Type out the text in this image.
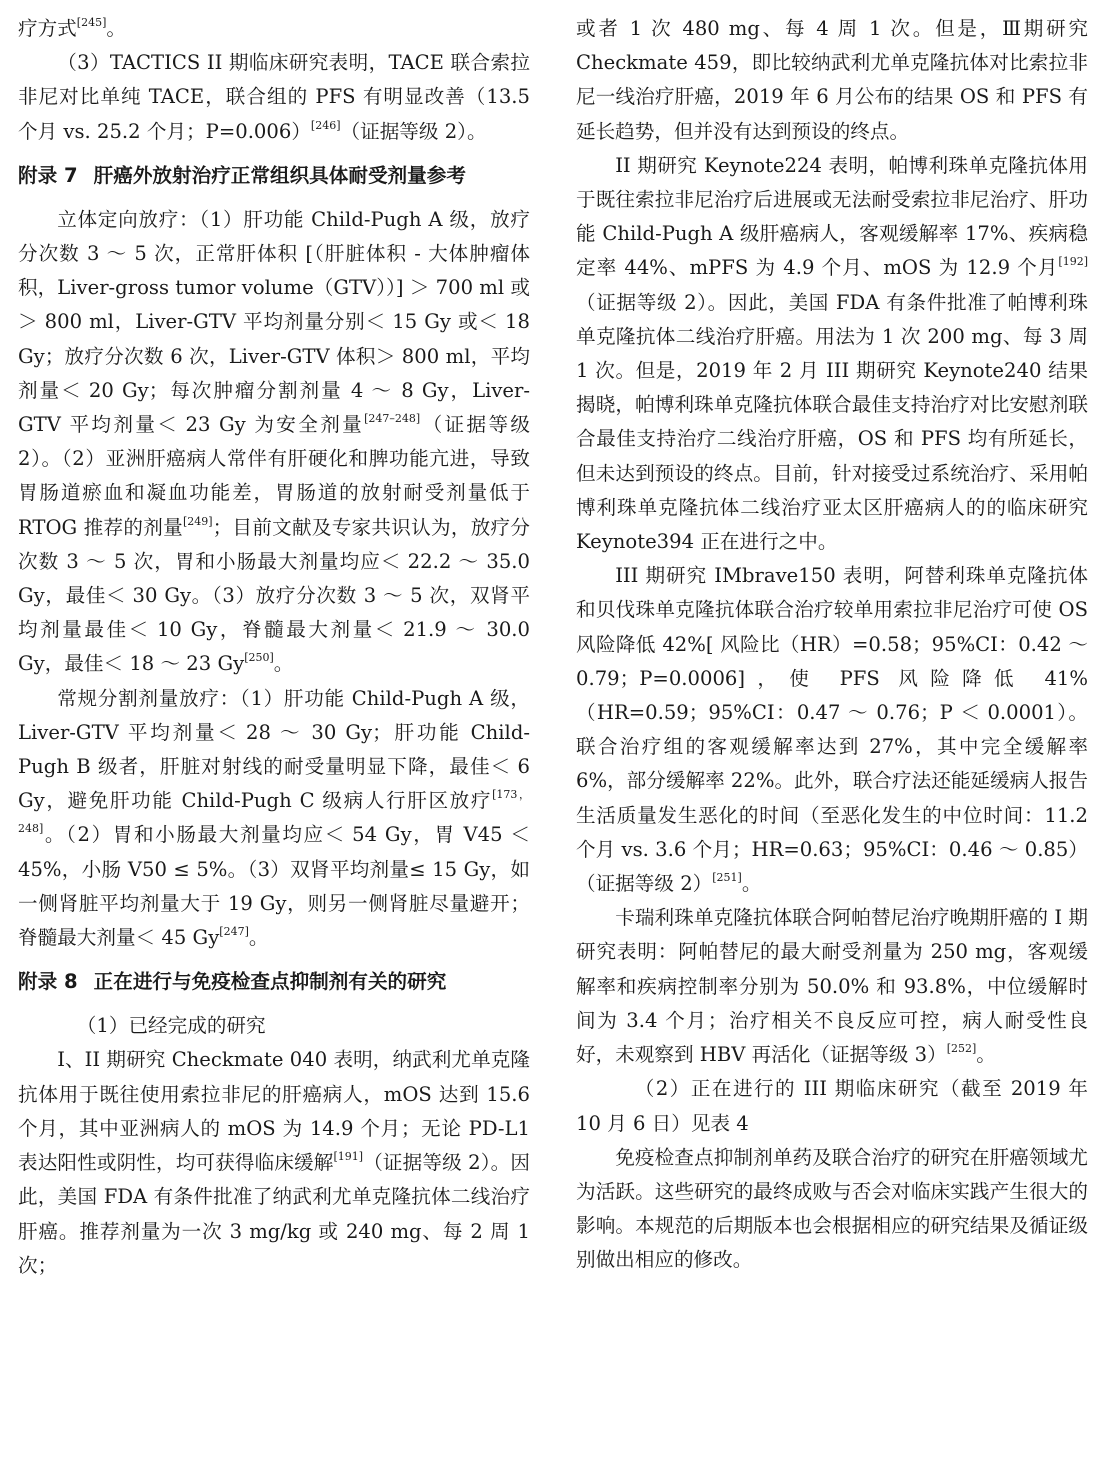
疗方式[245]。

（3）TACTICS II 期临床研究表明，TACE 联合索拉非尼对比单纯 TACE，联合组的 PFS 有明显改善（13.5 个月 vs. 25.2 个月；P=0.006）[246]（证据等级 2）。

附录 7 肝癌外放射治疗正常组织具体耐受剂量参考

立体定向放疗：（1）肝功能 Child-Pugh A 级，放疗分次数 3 ～ 5 次，正常肝体积 [（肝脏体积 - 大体肿瘤体积，Liver-gross tumor volume（GTV））] ＞ 700 ml 或＞ 800 ml，Liver-GTV 平均剂量分别＜ 15 Gy 或＜ 18 Gy；放疗分次数 6 次，Liver-GTV 体积＞ 800 ml，平均剂量＜ 20 Gy；每次肿瘤分割剂量 4 ～ 8 Gy，Liver-GTV 平均剂量＜ 23 Gy 为安全剂量[247–248]（证据等级 2）。（2）亚洲肝癌病人常伴有肝硬化和脾功能亢进，导致胃肠道瘀血和凝血功能差，胃肠道的放射耐受剂量低于 RTOG 推荐的剂量[249]；目前文献及专家共识认为，放疗分次数 3 ～ 5 次，胃和小肠最大剂量均应＜ 22.2 ～ 35.0 Gy，最佳＜ 30 Gy。（3）放疗分次数 3 ～ 5 次，双肾平均剂量最佳＜ 10 Gy，脊髓最大剂量＜ 21.9 ～ 30.0 Gy，最佳＜ 18 ～ 23 Gy[250]。

常规分割剂量放疗：（1）肝功能 Child-Pugh A 级，Liver-GTV 平均剂量＜ 28 ～ 30 Gy；肝功能 Child-Pugh B 级者，肝脏对射线的耐受量明显下降，最佳＜ 6 Gy，避免肝功能 Child-Pugh C 级病人行肝区放疗[173，248]。（2）胃和小肠最大剂量均应＜ 54 Gy，胃 V45 ＜ 45%，小肠 V50 ≤ 5%。（3）双肾平均剂量≤ 15 Gy，如一侧肾脏平均剂量大于 19 Gy，则另一侧肾脏尽量避开；脊髓最大剂量＜ 45 Gy[247]。

附录 8 正在进行与免疫检查点抑制剂有关的研究

（1）已经完成的研究

I、II 期研究 Checkmate 040 表明，纳武利尤单克隆抗体用于既往使用索拉非尼的肝癌病人，mOS 达到 15.6 个月，其中亚洲病人的 mOS 为 14.9 个月；无论 PD-L1 表达阳性或阴性，均可获得临床缓解[191]（证据等级 2）。因此，美国 FDA 有条件批准了纳武利尤单克隆抗体二线治疗肝癌。推荐剂量为一次 3 mg/kg 或 240 mg、每 2 周 1 次；

或者 1 次 480 mg、每 4 周 1 次。但是，Ⅲ期研究 Checkmate 459，即比较纳武利尤单克隆抗体对比索拉非尼一线治疗肝癌，2019 年 6 月公布的结果 OS 和 PFS 有延长趋势，但并没有达到预设的终点。

II 期研究 Keynote224 表明，帕博利珠单克隆抗体用于既往索拉非尼治疗后进展或无法耐受索拉非尼治疗、肝功能 Child-Pugh A 级肝癌病人，客观缓解率 17%、疾病稳定率 44%、mPFS 为 4.9 个月、mOS 为 12.9 个月[192]（证据等级 2）。因此，美国 FDA 有条件批准了帕博利珠单克隆抗体二线治疗肝癌。用法为 1 次 200 mg、每 3 周 1 次。但是，2019 年 2 月 III 期研究 Keynote240 结果揭晓，帕博利珠单克隆抗体联合最佳支持治疗对比安慰剂联合最佳支持治疗二线治疗肝癌，OS 和 PFS 均有所延长，但未达到预设的终点。目前，针对接受过系统治疗、采用帕博利珠单克隆抗体二线治疗亚太区肝癌病人的的临床研究 Keynote394 正在进行之中。

III 期研究 IMbrave150 表明，阿替利珠单克隆抗体和贝伐珠单克隆抗体联合治疗较单用索拉非尼治疗可使 OS 风险降低 42%[ 风险比（HR）=0.58；95%CI：0.42 ～ 0.79；P=0.0006]，使 PFS 风险降低 41%（HR=0.59；95%CI：0.47 ～ 0.76；P ＜ 0.0001）。联合治疗组的客观缓解率达到 27%，其中完全缓解率 6%，部分缓解率 22%。此外，联合疗法还能延缓病人报告生活质量发生恶化的时间（至恶化发生的中位时间：11.2 个月 vs. 3.6 个月；HR=0.63；95%CI：0.46 ～ 0.85）（证据等级 2）[251]。

卡瑞利珠单克隆抗体联合阿帕替尼治疗晚期肝癌的 I 期研究表明：阿帕替尼的最大耐受剂量为 250 mg，客观缓解率和疾病控制率分别为 50.0% 和 93.8%，中位缓解时间为 3.4 个月；治疗相关不良反应可控，病人耐受性良好，未观察到 HBV 再活化（证据等级 3）[252]。

（2）正在进行的 III 期临床研究（截至 2019 年 10 月 6 日）见表 4

免疫检查点抑制剂单药及联合治疗的研究在肝癌领域尤为活跃。这些研究的最终成败与否会对临床实践产生很大的影响。本规范的后期版本也会根据相应的研究结果及循证级别做出相应的修改。
